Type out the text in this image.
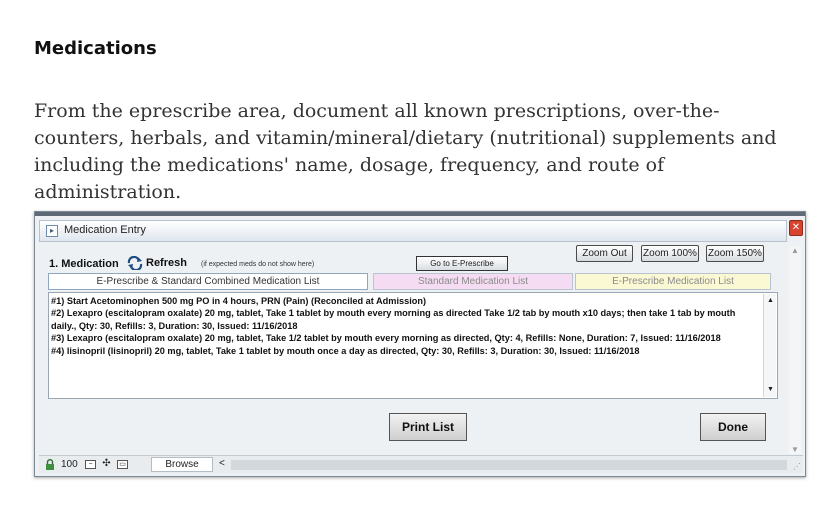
Medications
From the eprescribe area, document all known prescriptions, over-the-counters, herbals, and vitamin/mineral/dietary (nutritional) supplements and including the medications' name, dosage, frequency, and route of administration.
✕
▸ Medication Entry
▲
▼
Zoom Out	Zoom 100% Zoom 150%
1. Medication Refresh (if expected meds do not show here)	Go to E-Prescribe
E-Prescribe & Standard Combined Medication List	Standard Medication List	E-Prescribe Medication List
#1) Start Acetominophen 500 mg PO in 4 hours, PRN (Pain) (Reconciled at Admission)
#2) Lexapro (escitalopram oxalate) 20 mg, tablet, Take 1 tablet by mouth every morning as directed Take 1/2 tab by mouth x10 days; then take 1 tab by mouth daily., Qty: 30, Refills: 3, Duration: 30, Issued: 11/16/2018
#3) Lexapro (escitalopram oxalate) 20 mg, tablet, Take 1/2 tablet by mouth every morning as directed, Qty: 4, Refills: None, Duration: 7, Issued: 11/16/2018
#4) lisinopril (lisinopril) 20 mg, tablet, Take 1 tablet by mouth once a day as directed, Qty: 30, Refills: 3, Duration: 30, Issued: 11/16/2018
▲
▼
Print List	Done
100	− ✣	▭	Browse	<	⋰
